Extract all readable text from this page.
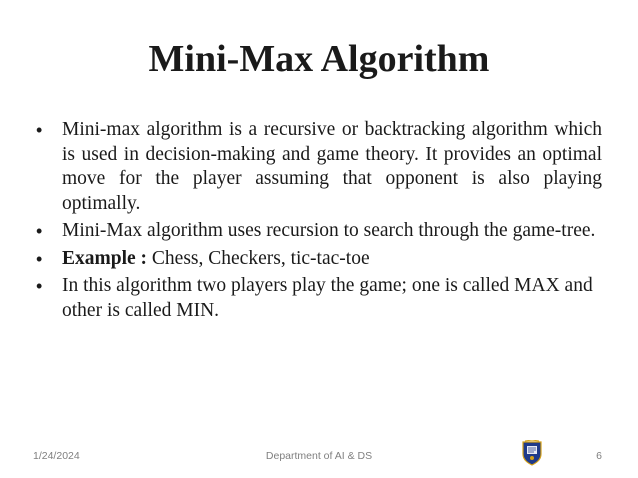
Mini-Max Algorithm
•	Mini-max algorithm is a recursive or backtracking algorithm which is used in decision-making and game theory. It provides an optimal move for the player assuming that opponent is also playing optimally.
•	Mini-Max algorithm uses recursion to search through the game-tree.
•	Example : Chess, Checkers, tic-tac-toe
•	In this algorithm two players play the game; one is called MAX and other is called MIN.
1/24/2024	Department of AI & DS	6
